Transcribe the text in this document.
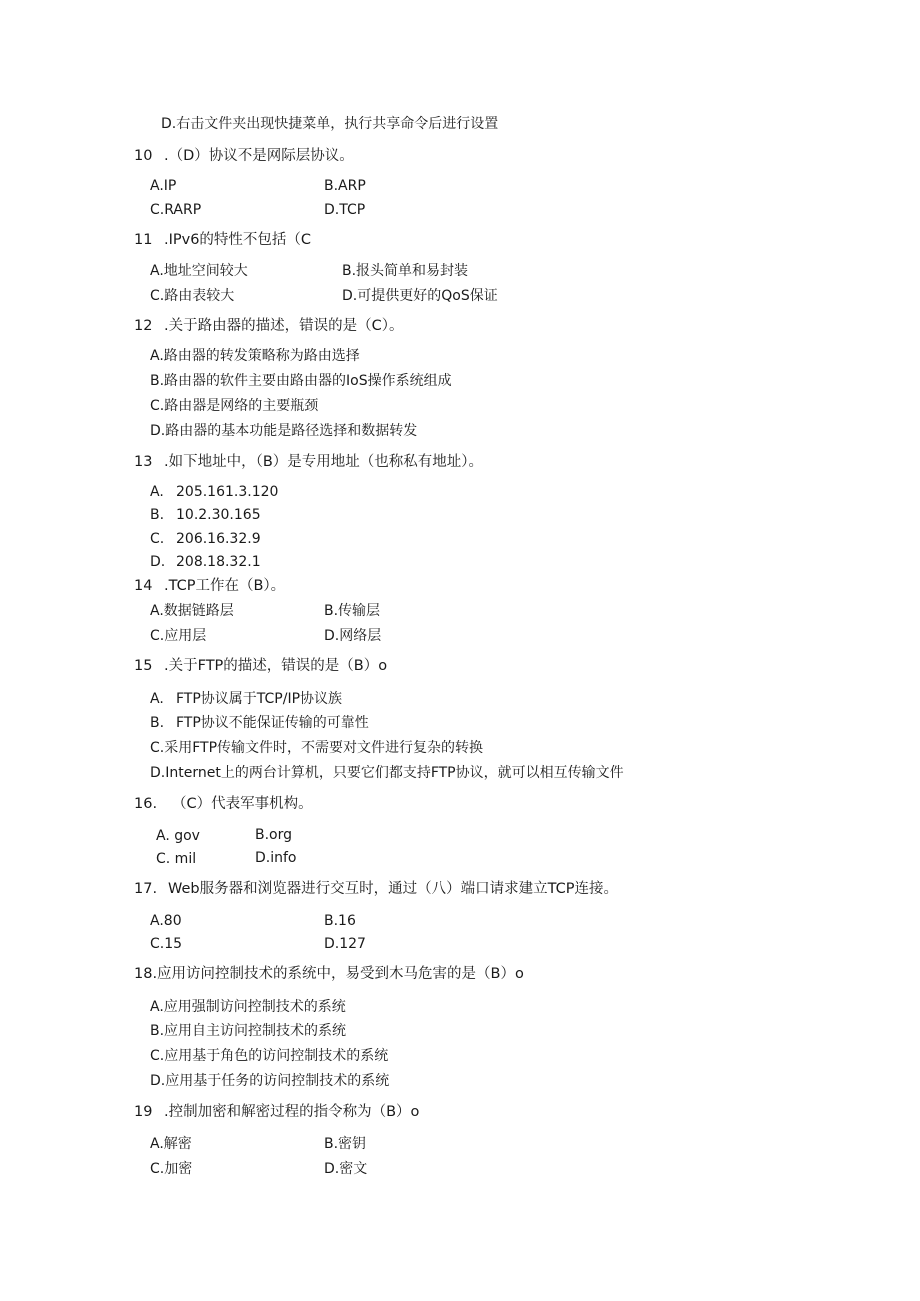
D.右击文件夹出现快捷菜单，执行共享命令后进行设置
10 .（D）协议不是网际层协议。
A.IP	B.ARP
C.RARP	D.TCP
11 .IPv6的特性不包括（C
A.地址空间较大	B.报头简单和易封装
C.路由表较大	D.可提供更好的QoS保证
12 .关于路由器的描述，错误的是（C）。
A.路由器的转发策略称为路由选择
B.路由器的软件主要由路由器的IoS操作系统组成
C.路由器是网络的主要瓶颈
D.路由器的基本功能是路径选择和数据转发
13 .如下地址中，（B）是专用地址（也称私有地址）。
A. 205.161.3.120
B. 10.2.30.165
C. 206.16.32.9
D. 208.18.32.1
14 .TCP工作在（B）。
A.数据链路层	B.传输层
C.应用层	D.网络层
15 .关于FTP的描述，错误的是（B）o
A. FTP协议属于TCP/IP协议族
B. FTP协议不能保证传输的可靠性
C.采用FTP传输文件时，不需要对文件进行复杂的转换
D.Internet上的两台计算机，只要它们都支持FTP协议，就可以相互传输文件
16. （C）代表军事机构。
A. gov	B.org
C. mil	D.info
17. Web服务器和浏览器进行交互时，通过（八）端口请求建立TCP连接。
A.80	B.16
C.15	D.127
18.应用访问控制技术的系统中，易受到木马危害的是（B）o
A.应用强制访问控制技术的系统
B.应用自主访问控制技术的系统
C.应用基于角色的访问控制技术的系统
D.应用基于任务的访问控制技术的系统
19 .控制加密和解密过程的指令称为（B）o
A.解密	B.密钥
C.加密	D.密文
